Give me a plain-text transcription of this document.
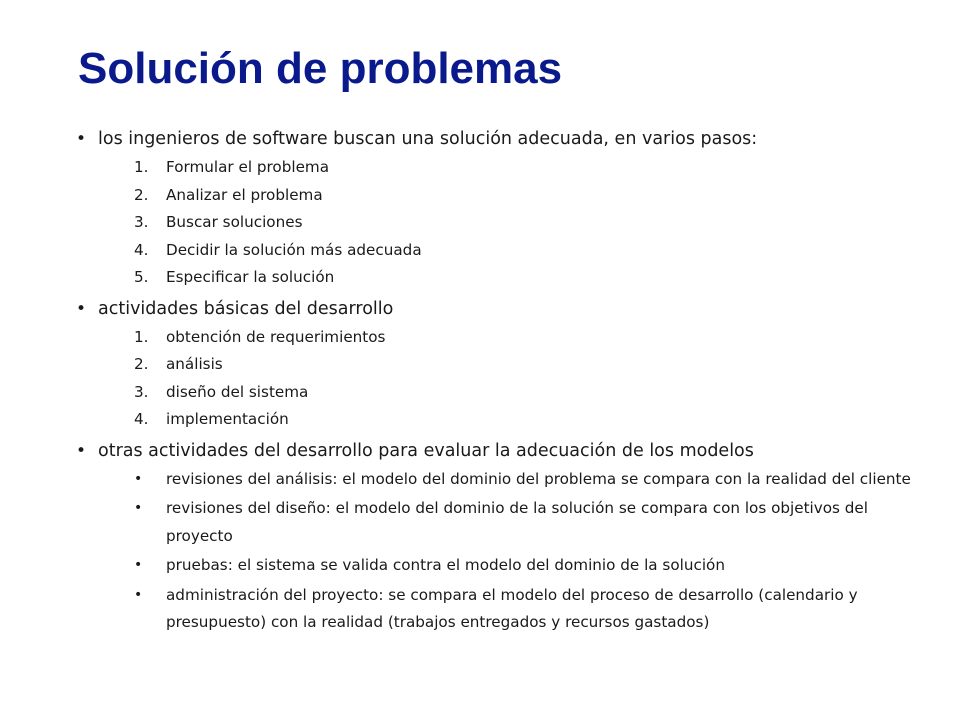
Solución de problemas
• los ingenieros de software buscan una solución adecuada, en varios pasos:
1. Formular el problema
2. Analizar el problema
3. Buscar soluciones
4. Decidir la solución más adecuada
5. Especificar la solución
• actividades básicas del desarrollo
1. obtención de requerimientos
2. análisis
3. diseño del sistema
4. implementación
• otras actividades del desarrollo para evaluar la adecuación de los modelos
• revisiones del análisis: el modelo del dominio del problema se compara con la realidad del cliente
• revisiones del diseño: el modelo del dominio de la solución se compara con los objetivos del proyecto
• pruebas: el sistema se valida contra el modelo del dominio de la solución
• administración del proyecto: se compara el modelo del proceso de desarrollo (calendario y presupuesto) con la realidad (trabajos entregados y recursos gastados)
